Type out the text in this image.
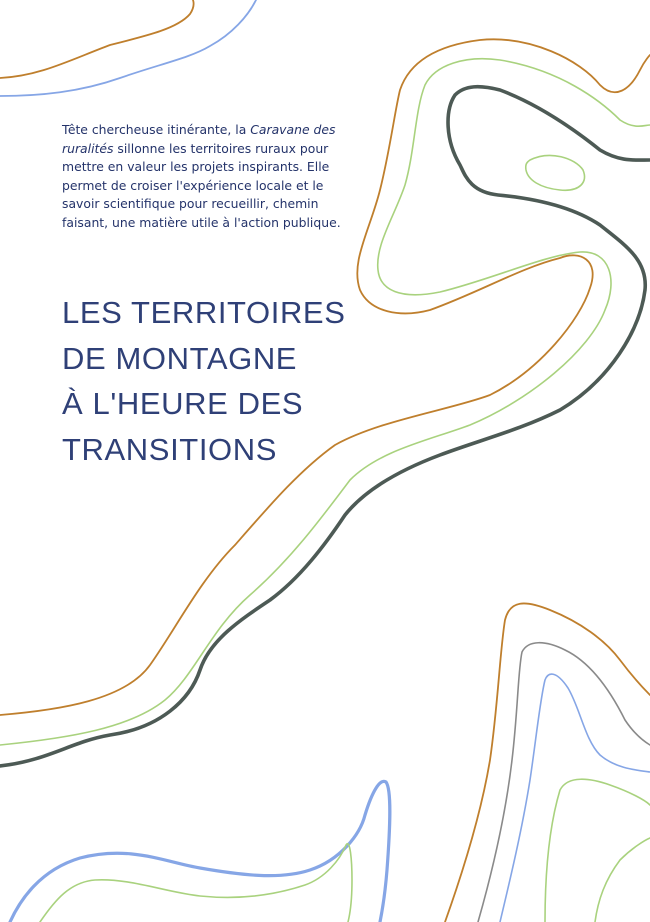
Tête chercheuse itinérante, la Caravane des ruralités sillonne les territoires ruraux pour mettre en valeur les projets inspirants. Elle permet de croiser l'expérience locale et le savoir scientifique pour recueillir, chemin faisant, une matière utile à l'action publique.

LES TERRITOIRES
DE MONTAGNE
À L'HEURE DES
TRANSITIONS
